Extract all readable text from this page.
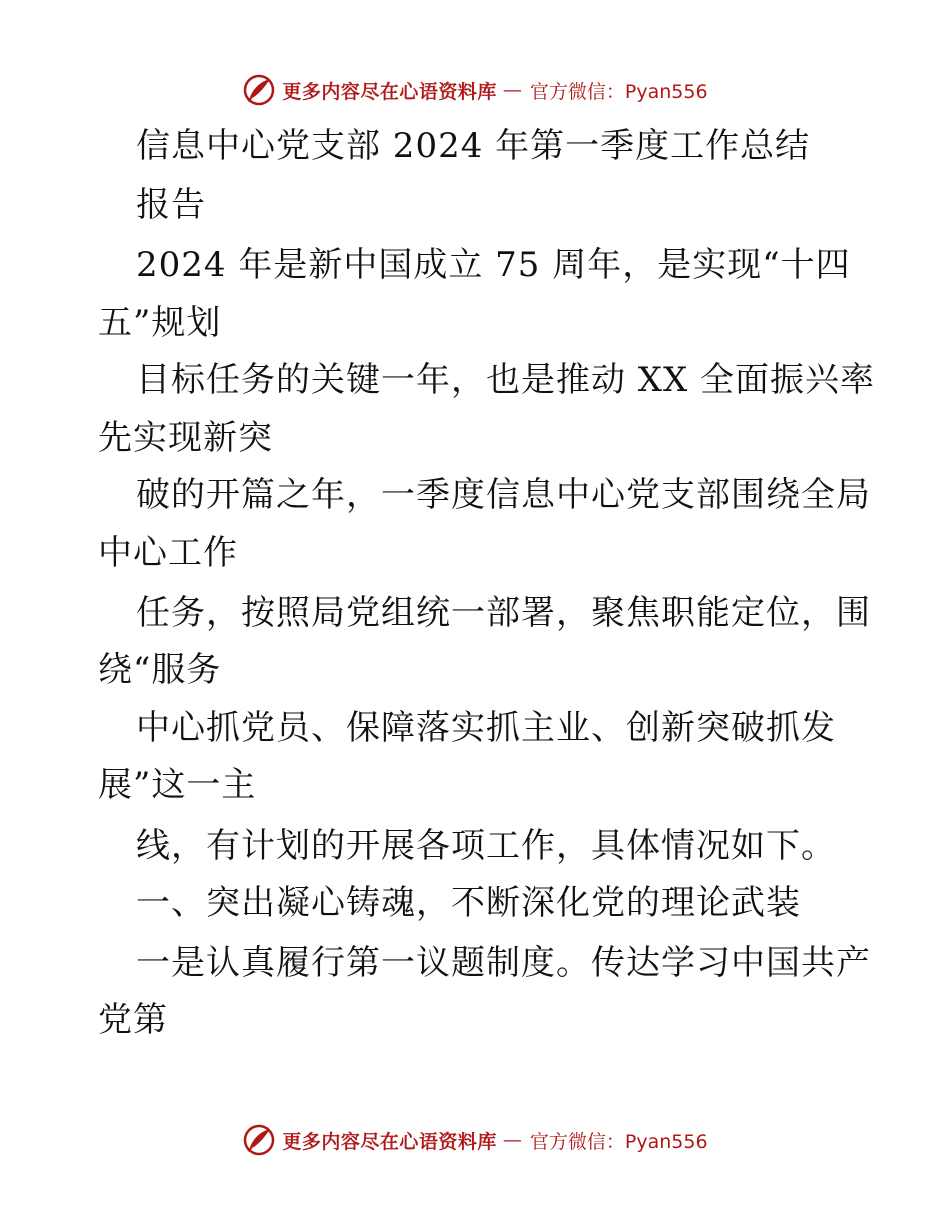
更多内容尽在心语资料库 — 官方微信：Pyan556
信息中心党支部 2024 年第一季度工作总结
报告
2024 年是新中国成立 75 周年，是实现“十四
五”规划
目标任务的关键一年，也是推动 XX 全面振兴率
先实现新突
破的开篇之年，一季度信息中心党支部围绕全局
中心工作
任务，按照局党组统一部署，聚焦职能定位，围
绕“服务
中心抓党员、保障落实抓主业、创新突破抓发
展”这一主
线，有计划的开展各项工作，具体情况如下。
一、突出凝心铸魂，不断深化党的理论武装
一是认真履行第一议题制度。传达学习中国共产
党第
更多内容尽在心语资料库 — 官方微信：Pyan556
